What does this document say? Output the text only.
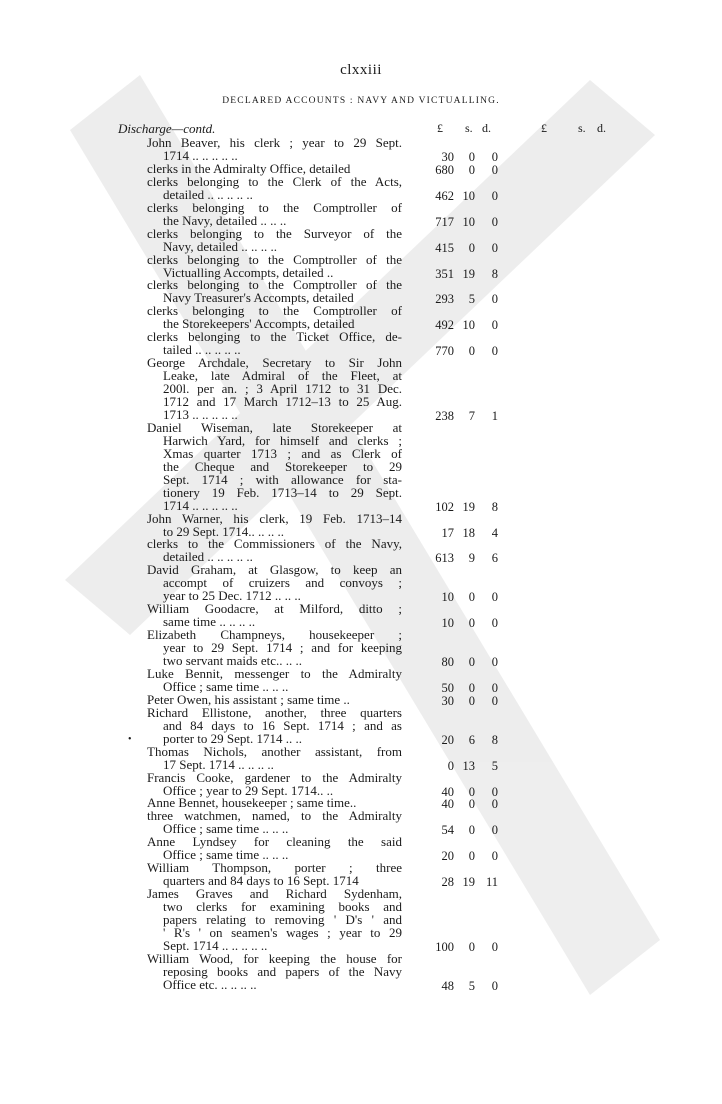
clxxiii
DECLARED ACCOUNTS : NAVY AND VICTUALLING.
Discharge—contd.	£ s. d.	£	s. d.
•
John Beaver, his clerk ; year to 29 Sept.
1714 .. .. .. .. ..	30	0	0
clerks in the Admiralty Office, detailed	680	0	0
clerks belonging to the Clerk of the Acts,
detailed .. .. .. .. ..	462 10	0
clerks belonging to the Comptroller of
the Navy, detailed .. .. ..	717 10	0
clerks belonging to the Surveyor of the
Navy, detailed .. .. .. ..	415	0	0
clerks belonging to the Comptroller of the
Victualling Accompts, detailed ..	351 19	8
clerks belonging to the Comptroller of the
Navy Treasurer's Accompts, detailed	293	5	0
clerks belonging to the Comptroller of
the Storekeepers' Accompts, detailed	492 10	0
clerks belonging to the Ticket Office, de-
tailed .. .. .. .. ..	770	0	0
George Archdale, Secretary to Sir John
Leake, late Admiral of the Fleet, at
200l. per an. ; 3 April 1712 to 31 Dec.
1712 and 17 March 1712–13 to 25 Aug.
1713 .. .. .. .. ..	238	7	1
Daniel Wiseman, late Storekeeper at
Harwich Yard, for himself and clerks ;
Xmas quarter 1713 ; and as Clerk of
the Cheque and Storekeeper to 29
Sept. 1714 ; with allowance for sta-
tionery 19 Feb. 1713–14 to 29 Sept.
1714 .. .. .. .. ..	102 19	8
John Warner, his clerk, 19 Feb. 1713–14
to 29 Sept. 1714.. .. .. ..	17 18	4
clerks to the Commissioners of the Navy,
detailed .. .. .. .. ..	613	9	6
David Graham, at Glasgow, to keep an
accompt of cruizers and convoys ;
year to 25 Dec. 1712 .. .. ..	10	0	0
William Goodacre, at Milford, ditto ;
same time .. .. .. ..	10	0	0
Elizabeth Champneys, housekeeper ;
year to 29 Sept. 1714 ; and for keeping
two servant maids etc.. .. ..	80	0	0
Luke Bennit, messenger to the Admiralty
Office ; same time .. .. ..	50	0	0
Peter Owen, his assistant ; same time ..	30	0	0
Richard Ellistone, another, three quarters
and 84 days to 16 Sept. 1714 ; and as
porter to 29 Sept. 1714 .. ..	20	6	8
Thomas Nichols, another assistant, from
17 Sept. 1714 .. .. .. ..	0 13	5
Francis Cooke, gardener to the Admiralty
Office ; year to 29 Sept. 1714.. ..	40	0	0
Anne Bennet, housekeeper ; same time..	40	0	0
three watchmen, named, to the Admiralty
Office ; same time .. .. ..	54	0	0
Anne Lyndsey for cleaning the said
Office ; same time .. .. ..	20	0	0
William Thompson, porter ; three
quarters and 84 days to 16 Sept. 1714	28 19 11
James Graves and Richard Sydenham,
two clerks for examining books and
papers relating to removing ' D's ' and
' R's ' on seamen's wages ; year to 29
Sept. 1714 .. .. .. .. ..	100	0	0
William Wood, for keeping the house for
reposing books and papers of the Navy
Office etc. .. .. .. ..	48	5	0
